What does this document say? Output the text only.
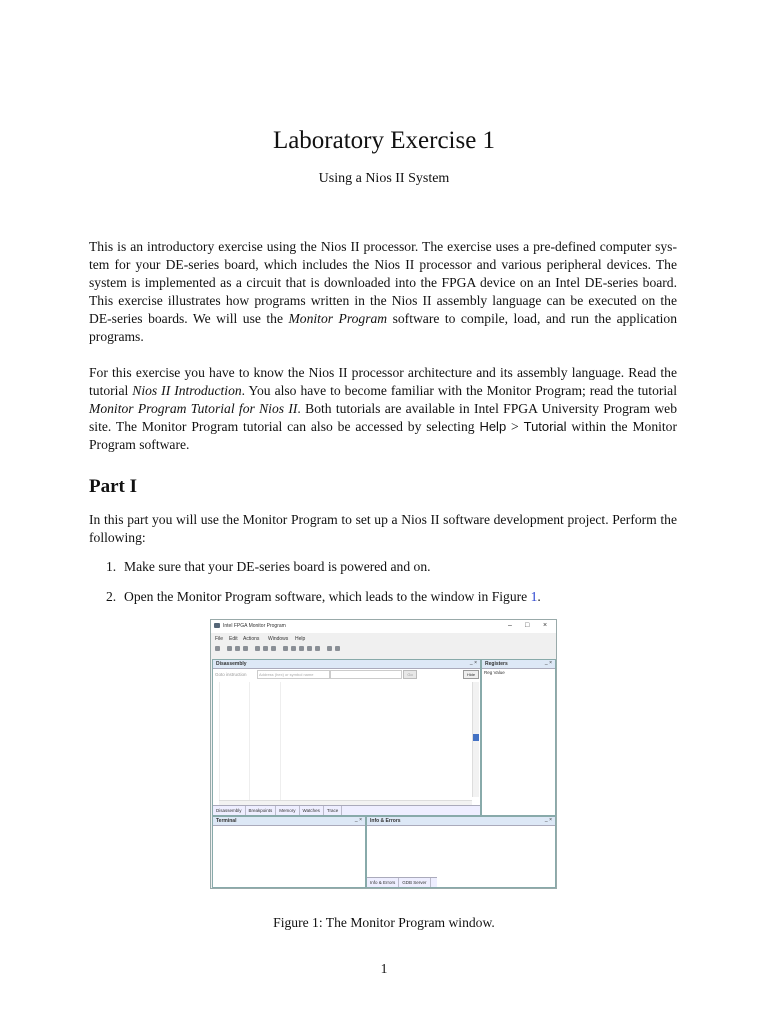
Laboratory Exercise 1
Using a Nios II System
This is an introductory exercise using the Nios II processor. The exercise uses a pre-defined computer sys-
tem for your DE-series board, which includes the Nios II processor and various peripheral devices. The
system is implemented as a circuit that is downloaded into the FPGA device on an Intel DE-series board.
This exercise illustrates how programs written in the Nios II assembly language can be executed on the
DE-series boards. We will use the Monitor Program software to compile, load, and run the application
programs.
For this exercise you have to know the Nios II processor architecture and its assembly language. Read the
tutorial Nios II Introduction. You also have to become familiar with the Monitor Program; read the tutorial
Monitor Program Tutorial for Nios II. Both tutorials are available in Intel FPGA University Program web
site. The Monitor Program tutorial can also be accessed by selecting Help > Tutorial within the Monitor
Program software.
Part I
In this part you will use the Monitor Program to set up a Nios II software development project. Perform the
following:
1. Make sure that your DE-series board is powered and on.
2. Open the Monitor Program software, which leads to the window in Figure 1.
Intel FPGA Monitor Program	– □ ×
File Edit Actions Windows Help
Disassembly	_ ×
Goto instruction	Address (hex) or symbol name	Go	Hide
Disassembly	Breakpoints	Memory	Watches	Trace
Registers	_ ×
Reg Value
Terminal	_ × Info & Errors	_ ×
Info & Errors	GDB Server
Figure 1: The Monitor Program window.
1
